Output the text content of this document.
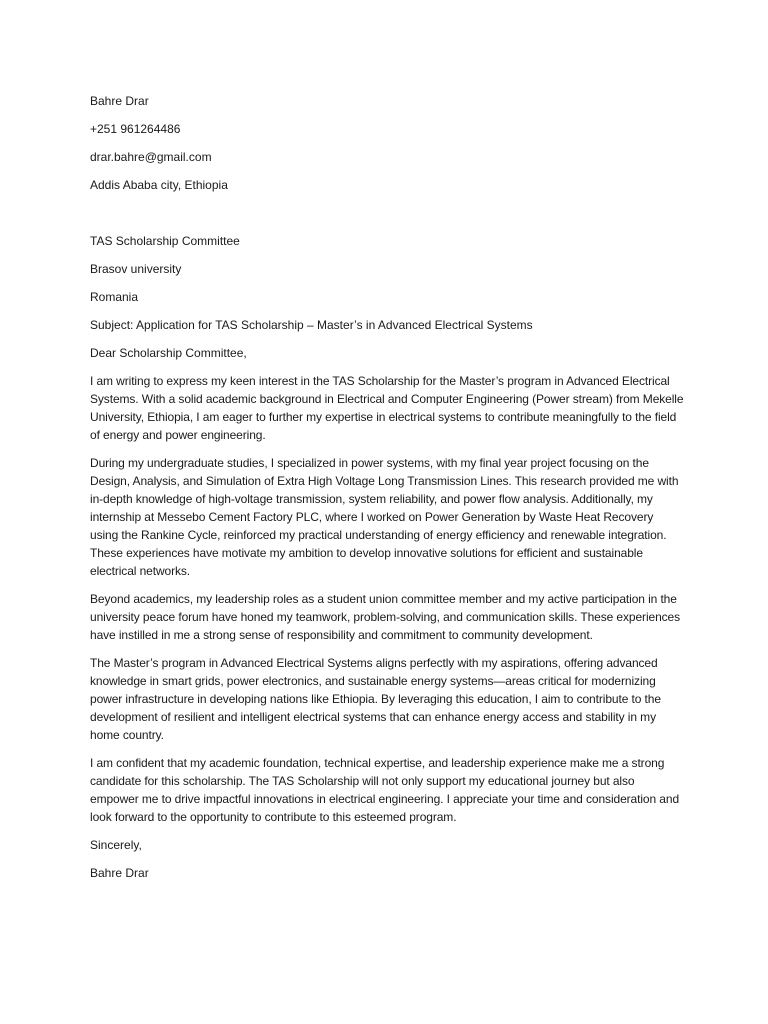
Bahre Drar
+251 961264486
drar.bahre@gmail.com
Addis Ababa city, Ethiopia
TAS Scholarship Committee
Brasov university
Romania
Subject: Application for TAS Scholarship – Master’s in Advanced Electrical Systems
Dear Scholarship Committee,

I am writing to express my keen interest in the TAS Scholarship for the Master’s program in Advanced Electrical Systems. With a solid academic background in Electrical and Computer Engineering (Power stream) from Mekelle University, Ethiopia, I am eager to further my expertise in electrical systems to contribute meaningfully to the field of energy and power engineering.

During my undergraduate studies, I specialized in power systems, with my final year project focusing on the Design, Analysis, and Simulation of Extra High Voltage Long Transmission Lines. This research provided me with in-depth knowledge of high-voltage transmission, system reliability, and power flow analysis. Additionally, my internship at Messebo Cement Factory PLC, where I worked on Power Generation by Waste Heat Recovery using the Rankine Cycle, reinforced my practical understanding of energy efficiency and renewable integration. These experiences have motivate my ambition to develop innovative solutions for efficient and sustainable electrical networks.

Beyond academics, my leadership roles as a student union committee member and my active participation in the university peace forum have honed my teamwork, problem-solving, and communication skills. These experiences have instilled in me a strong sense of responsibility and commitment to community development.

The Master’s program in Advanced Electrical Systems aligns perfectly with my aspirations, offering advanced knowledge in smart grids, power electronics, and sustainable energy systems—areas critical for modernizing power infrastructure in developing nations like Ethiopia. By leveraging this education, I aim to contribute to the development of resilient and intelligent electrical systems that can enhance energy access and stability in my home country.

I am confident that my academic foundation, technical expertise, and leadership experience make me a strong candidate for this scholarship. The TAS Scholarship will not only support my educational journey but also empower me to drive impactful innovations in electrical engineering. I appreciate your time and consideration and look forward to the opportunity to contribute to this esteemed program.

Sincerely,
Bahre Drar
